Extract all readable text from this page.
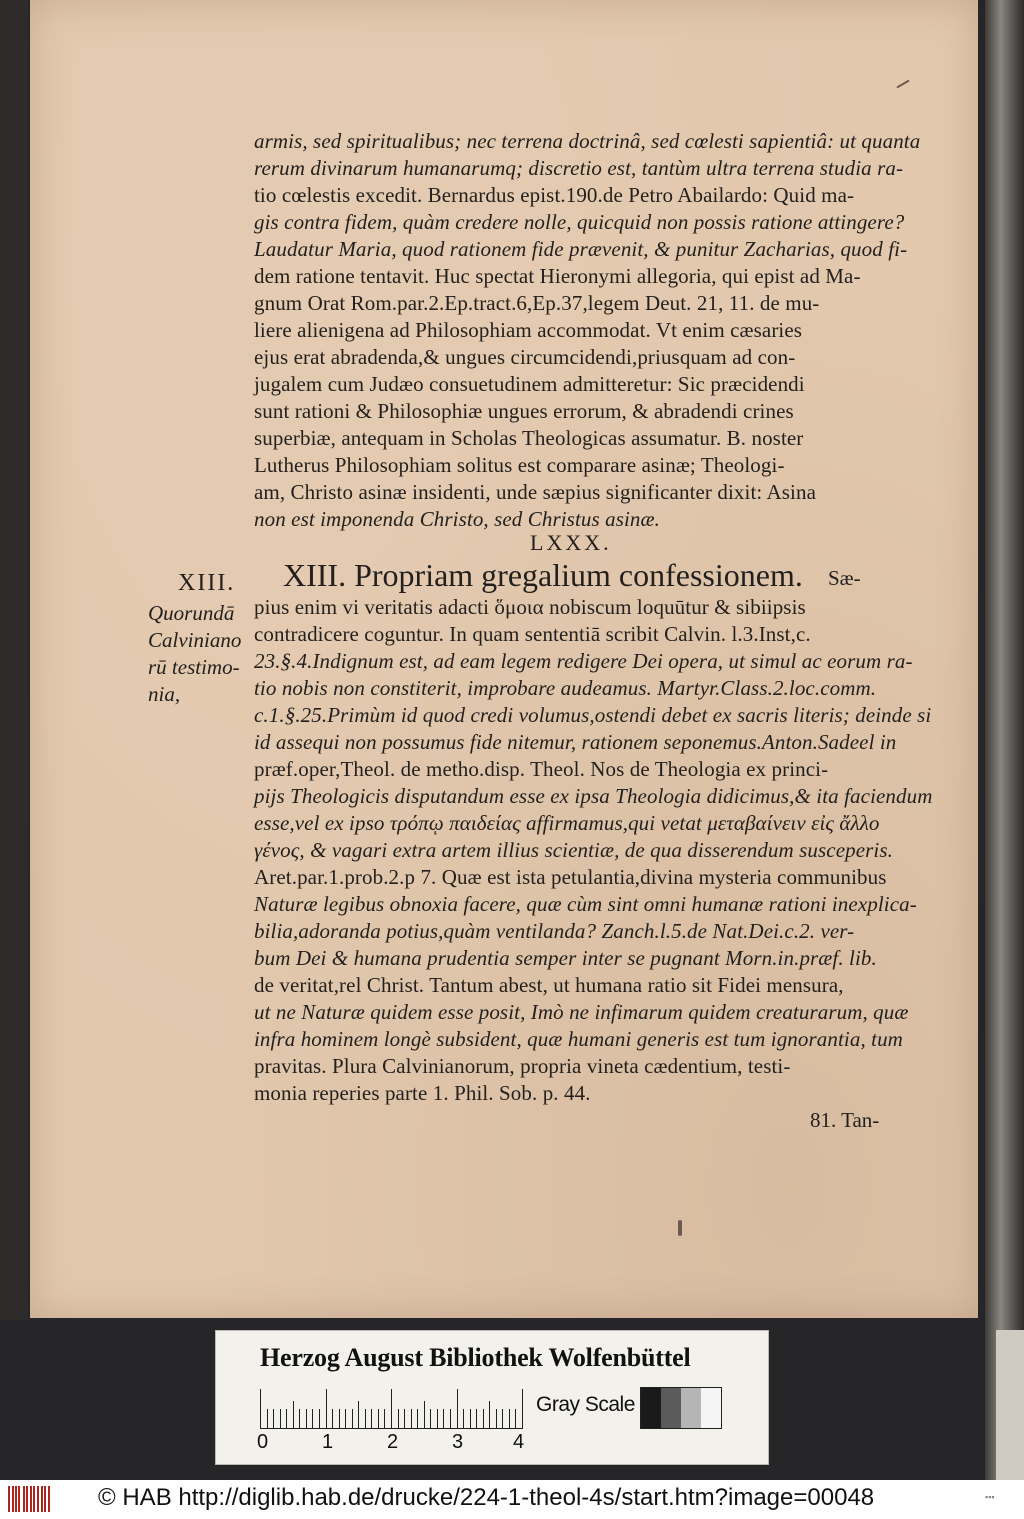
armis, sed spiritualibus; nec terrena doctrinâ, sed cœlesti sapientiâ: ut quanta
rerum divinarum humanarumq; discretio est, tantùm ultra terrena studia ra-
tio cœlestis excedit. Bernardus epist.190.de Petro Abailardo: Quid ma-
gis contra fidem, quàm credere nolle, quicquid non possis ratione attingere?
Laudatur Maria, quod rationem fide prævenit, & punitur Zacharias, quod fi-
dem ratione tentavit. Huc spectat Hieronymi allegoria, qui epist ad Ma-
gnum Orat Rom.par.2.Ep.tract.6,Ep.37,legem Deut. 21, 11. de mu-
liere alienigena ad Philosophiam accommodat. Vt enim cæsaries
ejus erat abradenda,& ungues circumcidendi,priusquam ad con-
jugalem cum Judæo consuetudinem admitteretur: Sic præcidendi
sunt rationi & Philosophiæ ungues errorum, & abradendi crines
superbiæ, antequam in Scholas Theologicas assumatur. B. noster
Lutherus Philosophiam solitus est comparare asinæ; Theologi-
am, Christo asinæ insidenti, unde sæpius significanter dixit: Asina
non est imponenda Christo, sed Christus asinæ.
LXXX.
XIII. Propriam gregalium confessionem. Sæ-
XIII.
Quorundā
Calviniano
rū testimo-
nia,
pius enim vi veritatis adacti ὅμοια nobiscum loquūtur & sibiipsis
contradicere coguntur. In quam sententiā scribit Calvin. l.3.Inst,c.
23.§.4.Indignum est, ad eam legem redigere Dei opera, ut simul ac eorum ra-
tio nobis non constiterit, improbare audeamus. Martyr.Class.2.loc.comm.
c.1.§.25.Primùm id quod credi volumus,ostendi debet ex sacris literis; deinde si
id assequi non possumus fide nitemur, rationem seponemus.Anton.Sadeel in
præf.oper,Theol. de metho.disp. Theol. Nos de Theologia ex princi-
pijs Theologicis disputandum esse ex ipsa Theologia didicimus,& ita faciendum
esse,vel ex ipso τρόπῳ παιδείας affirmamus,qui vetat μεταβαίνειν εἰς ἄλλο
γένος, & vagari extra artem illius scientiæ, de qua disserendum susceperis.
Aret.par.1.prob.2.p 7. Quæ est ista petulantia,divina mysteria communibus
Naturæ legibus obnoxia facere, quæ cùm sint omni humanæ rationi inexplica-
bilia,adoranda potius,quàm ventilanda? Zanch.l.5.de Nat.Dei.c.2. ver-
bum Dei & humana prudentia semper inter se pugnant Morn.in.præf. lib.
de veritat,rel Christ. Tantum abest, ut humana ratio sit Fidei mensura,
ut ne Naturæ quidem esse posit, Imò ne infimarum quidem creaturarum, quæ
infra hominem longè subsident, quæ humani generis est tum ignorantia, tum
pravitas. Plura Calvinianorum, propria vineta cædentium, testi-
monia reperies parte 1. Phil. Sob. p. 44.
81. Tan-
Herzog August Bibliothek Wolfenbüttel
0	1	2	3 4
Gray Scale
© HAB http://diglib.hab.de/drucke/224-1-theol-4s/start.htm?image=00048	▪▪▪
